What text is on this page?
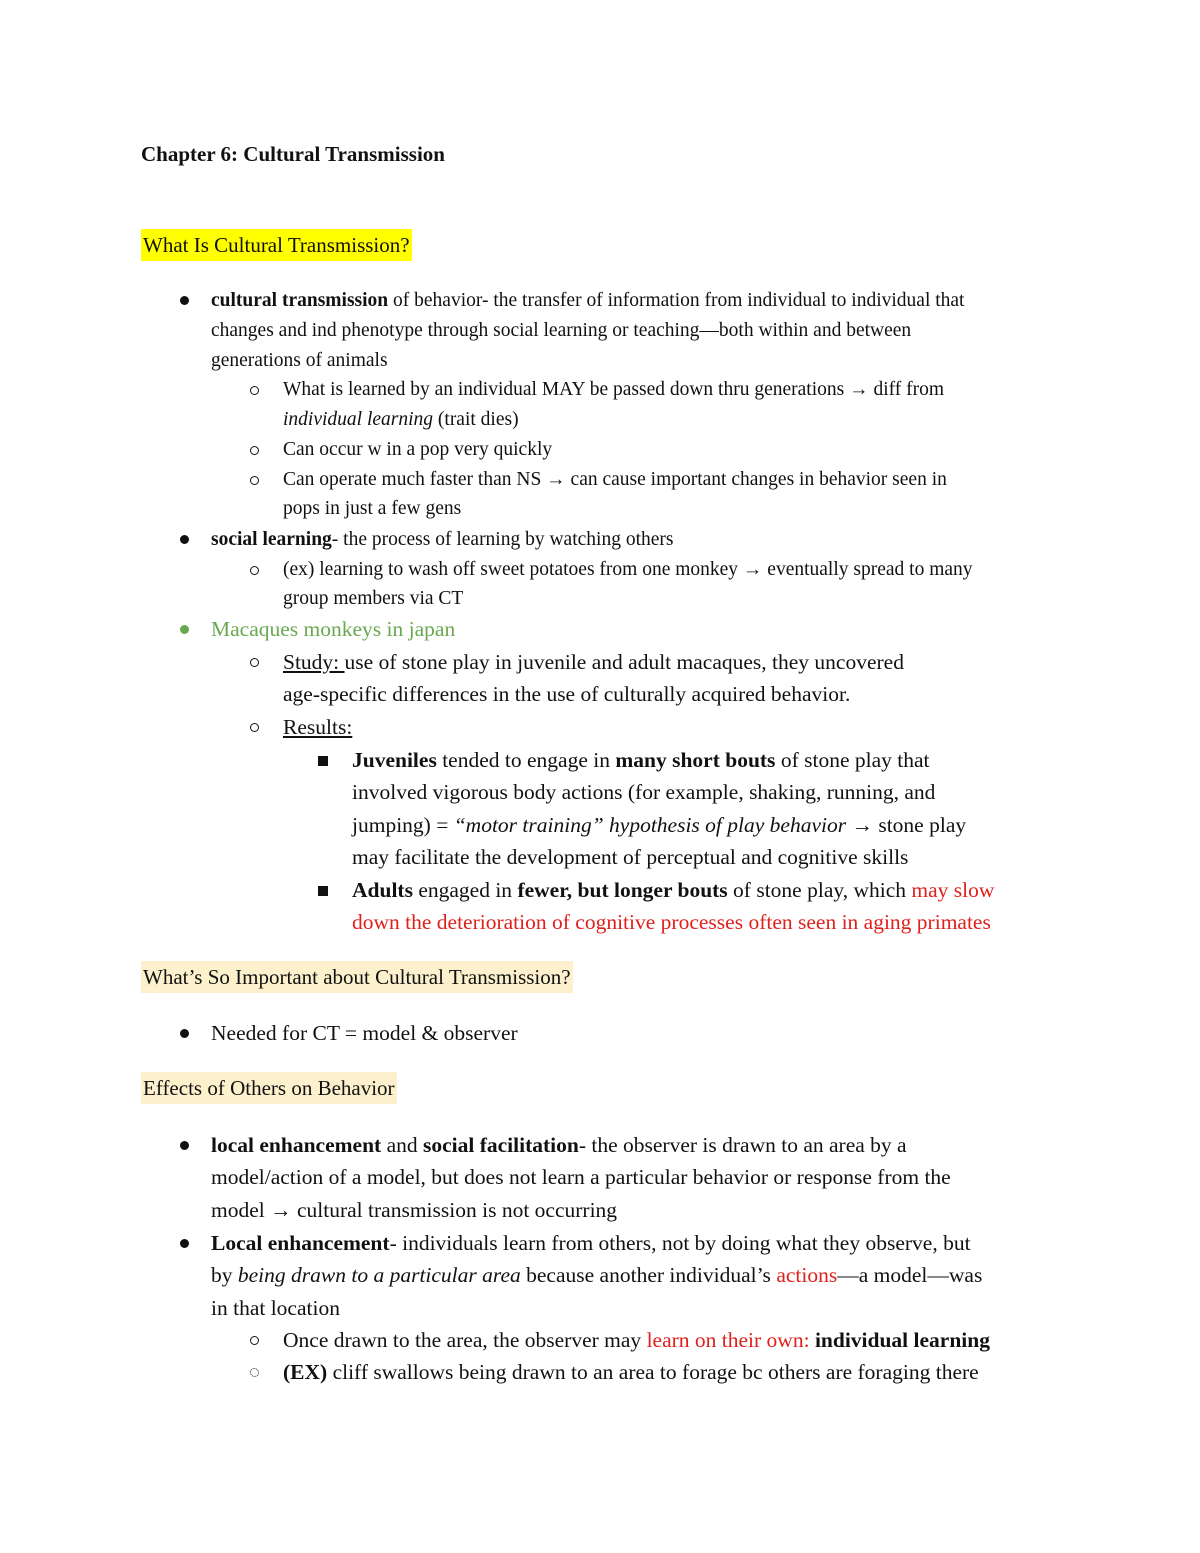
Chapter 6: Cultural Transmission
What Is Cultural Transmission?
cultural transmission of behavior- the transfer of information from individual to individual that
changes and ind phenotype through social learning or teaching—both within and between
generations of animals
What is learned by an individual MAY be passed down thru generations → diff from
individual learning (trait dies)
Can occur w in a pop very quickly
Can operate much faster than NS → can cause important changes in behavior seen in
pops in just a few gens
social learning- the process of learning by watching others
(ex) learning to wash off sweet potatoes from one monkey → eventually spread to many
group members via CT
Macaques monkeys in japan
Study: use of stone play in juvenile and adult macaques, they uncovered
age-specific differences in the use of culturally acquired behavior.
Results:
Juveniles tended to engage in many short bouts of stone play that
involved vigorous body actions (for example, shaking, running, and
jumping) = “motor training” hypothesis of play behavior → stone play
may facilitate the development of perceptual and cognitive skills
Adults engaged in fewer, but longer bouts of stone play, which may slow
down the deterioration of cognitive processes often seen in aging primates
What’s So Important about Cultural Transmission?
Needed for CT = model & observer
Effects of Others on Behavior
local enhancement and social facilitation- the observer is drawn to an area by a
model/action of a model, but does not learn a particular behavior or response from the
model → cultural transmission is not occurring
Local enhancement- individuals learn from others, not by doing what they observe, but
by being drawn to a particular area because another individual’s actions—a model—was
in that location
Once drawn to the area, the observer may learn on their own: individual learning
(EX) cliff swallows being drawn to an area to forage bc others are foraging there
